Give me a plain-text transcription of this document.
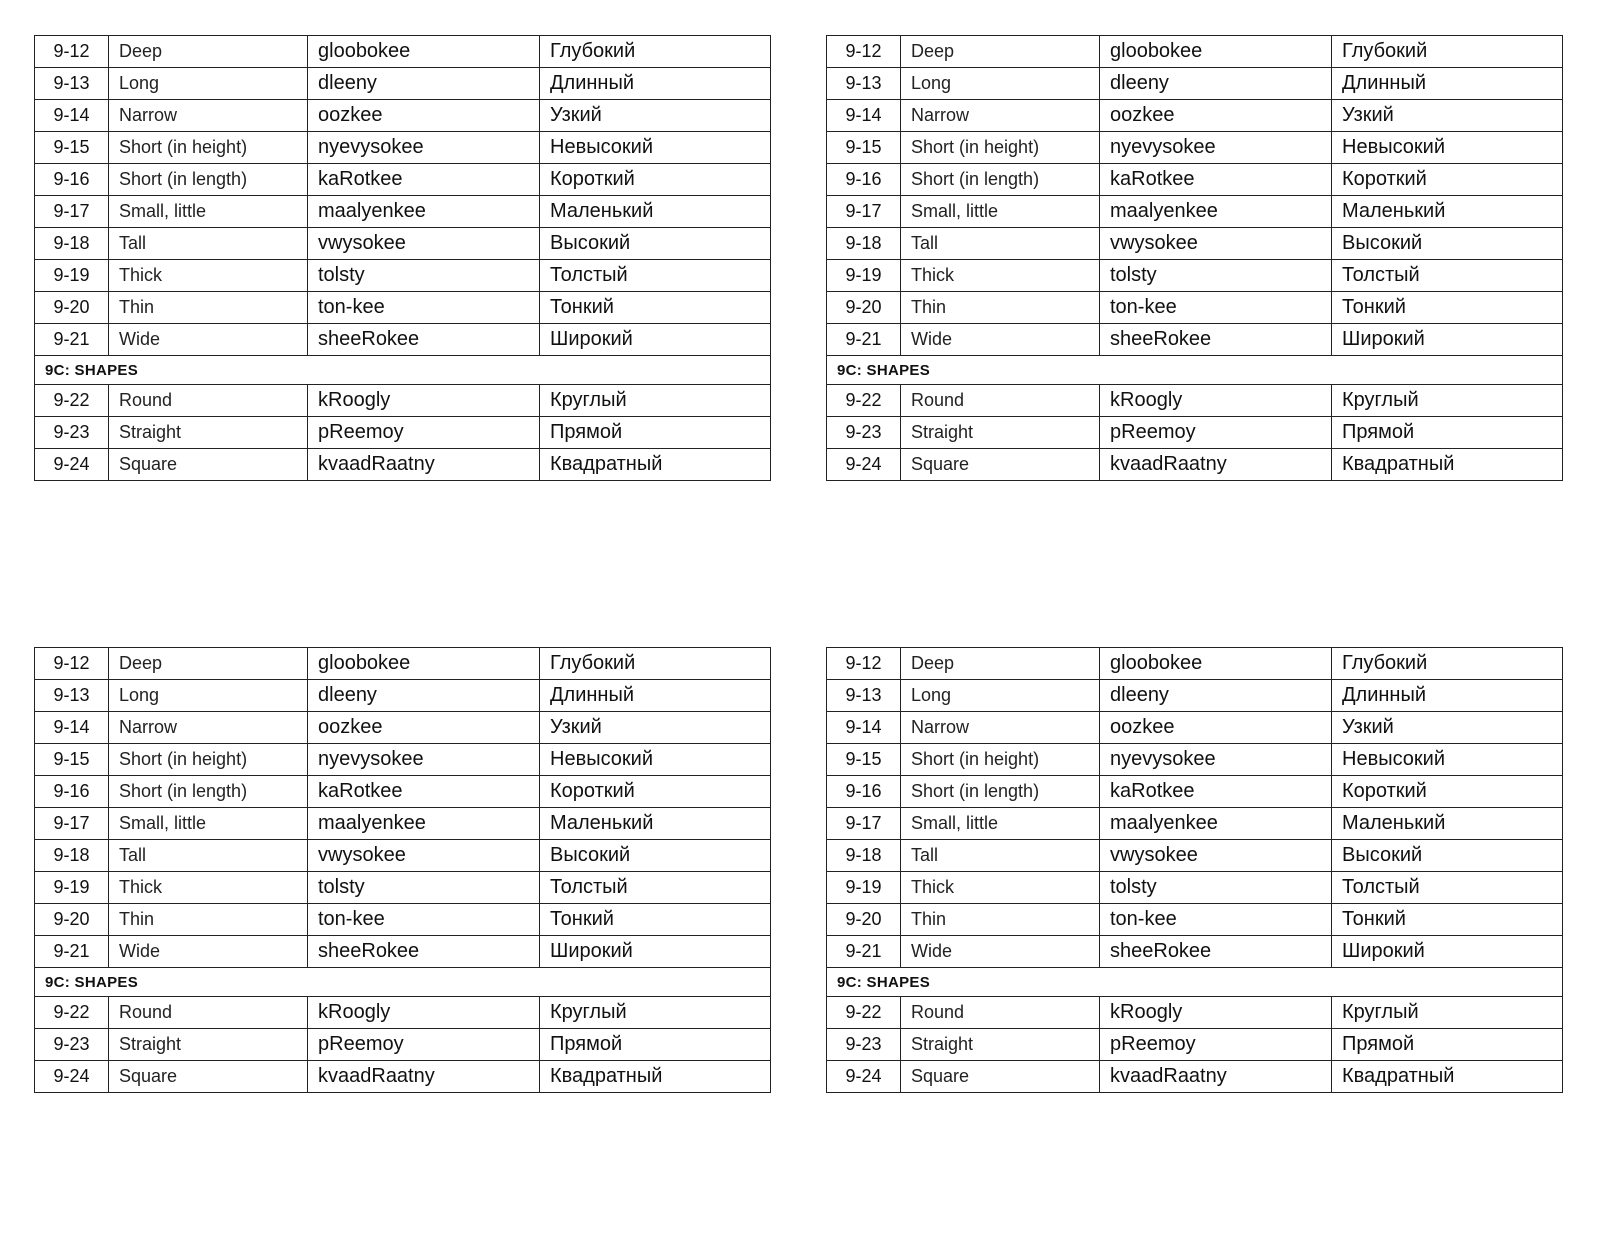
9-12	Deep	gloobokee	Глубокий
9-13	Long	dleeny	Длинный
9-14	Narrow	oozkee	Узкий
9-15	Short (in height)	nyevysokee	Невысокий
9-16	Short (in length)	kaRotkee	Короткий
9-17	Small, little	maalyenkee	Маленький
9-18	Tall	vwysokee	Высокий
9-19	Thick	tolsty	Толстый
9-20	Thin	ton-kee	Тонкий
9-21	Wide	sheeRokee	Широкий
9C: SHAPES			
9-22	Round	kRoogly	Круглый
9-23	Straight	pReemoy	Прямой
9-24	Square	kvaadRaatny	Квадратный
9-12	Deep	gloobokee	Глубокий
9-13	Long	dleeny	Длинный
9-14	Narrow	oozkee	Узкий
9-15	Short (in height)	nyevysokee	Невысокий
9-16	Short (in length)	kaRotkee	Короткий
9-17	Small, little	maalyenkee	Маленький
9-18	Tall	vwysokee	Высокий
9-19	Thick	tolsty	Толстый
9-20	Thin	ton-kee	Тонкий
9-21	Wide	sheeRokee	Широкий
9C: SHAPES			
9-22	Round	kRoogly	Круглый
9-23	Straight	pReemoy	Прямой
9-24	Square	kvaadRaatny	Квадратный
9-12	Deep	gloobokee	Глубокий
9-13	Long	dleeny	Длинный
9-14	Narrow	oozkee	Узкий
9-15	Short (in height)	nyevysokee	Невысокий
9-16	Short (in length)	kaRotkee	Короткий
9-17	Small, little	maalyenkee	Маленький
9-18	Tall	vwysokee	Высокий
9-19	Thick	tolsty	Толстый
9-20	Thin	ton-kee	Тонкий
9-21	Wide	sheeRokee	Широкий
9C: SHAPES			
9-22	Round	kRoogly	Круглый
9-23	Straight	pReemoy	Прямой
9-24	Square	kvaadRaatny	Квадратный
9-12	Deep	gloobokee	Глубокий
9-13	Long	dleeny	Длинный
9-14	Narrow	oozkee	Узкий
9-15	Short (in height)	nyevysokee	Невысокий
9-16	Short (in length)	kaRotkee	Короткий
9-17	Small, little	maalyenkee	Маленький
9-18	Tall	vwysokee	Высокий
9-19	Thick	tolsty	Толстый
9-20	Thin	ton-kee	Тонкий
9-21	Wide	sheeRokee	Широкий
9C: SHAPES			
9-22	Round	kRoogly	Круглый
9-23	Straight	pReemoy	Прямой
9-24	Square	kvaadRaatny	Квадратный
